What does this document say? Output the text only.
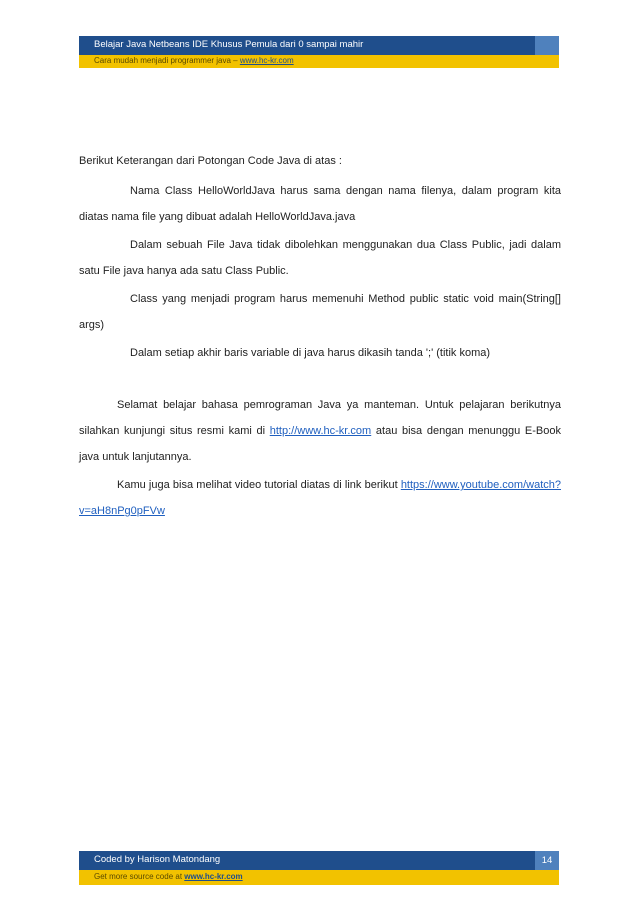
Belajar Java Netbeans IDE Khusus Pemula dari 0 sampai mahir
Cara mudah menjadi programmer java – www.hc-kr.com

Berikut Keterangan dari Potongan Code Java di atas :

Nama Class HelloWorldJava harus sama dengan nama filenya, dalam program kita diatas nama file yang dibuat adalah HelloWorldJava.java

Dalam sebuah File Java tidak dibolehkan menggunakan dua Class Public, jadi dalam satu File java hanya ada satu Class Public.

Class yang menjadi program harus memenuhi Method public static void main(String[] args)

Dalam setiap akhir baris variable di java harus dikasih tanda ';' (titik koma)

Selamat belajar bahasa pemrograman Java ya manteman. Untuk pelajaran berikutnya silahkan kunjungi situs resmi kami di http://www.hc-kr.com atau bisa dengan menunggu E-Book java untuk lanjutannya.

Kamu juga bisa melihat video tutorial diatas di link berikut https://www.youtube.com/watch?v=aH8nPg0pFVw

Coded by Harison Matondang	14
Get more source code at www.hc-kr.com
